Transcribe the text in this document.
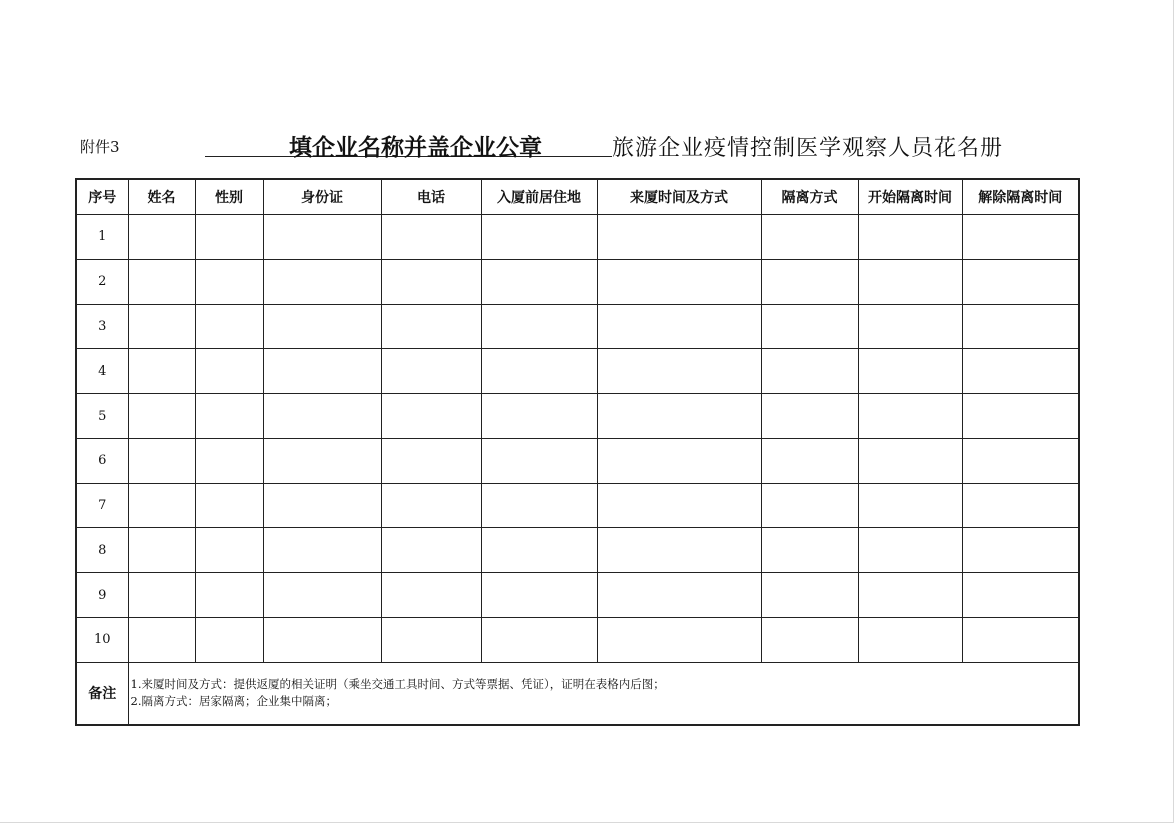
附件3	填企业名称并盖企业公章	旅游企业疫情控制医学观察人员花名册
序号	姓名	性别	身份证	电话	入厦前居住地	来厦时间及方式	隔离方式	开始隔离时间	解除隔离时间
1									
2									
3									
4									
5									
6									
7									
8									
9									
10									
备注	1.来厦时间及方式：提供返厦的相关证明（乘坐交通工具时间、方式等票据、凭证），证明在表格内后图；
2.隔离方式：居家隔离；企业集中隔离；								
